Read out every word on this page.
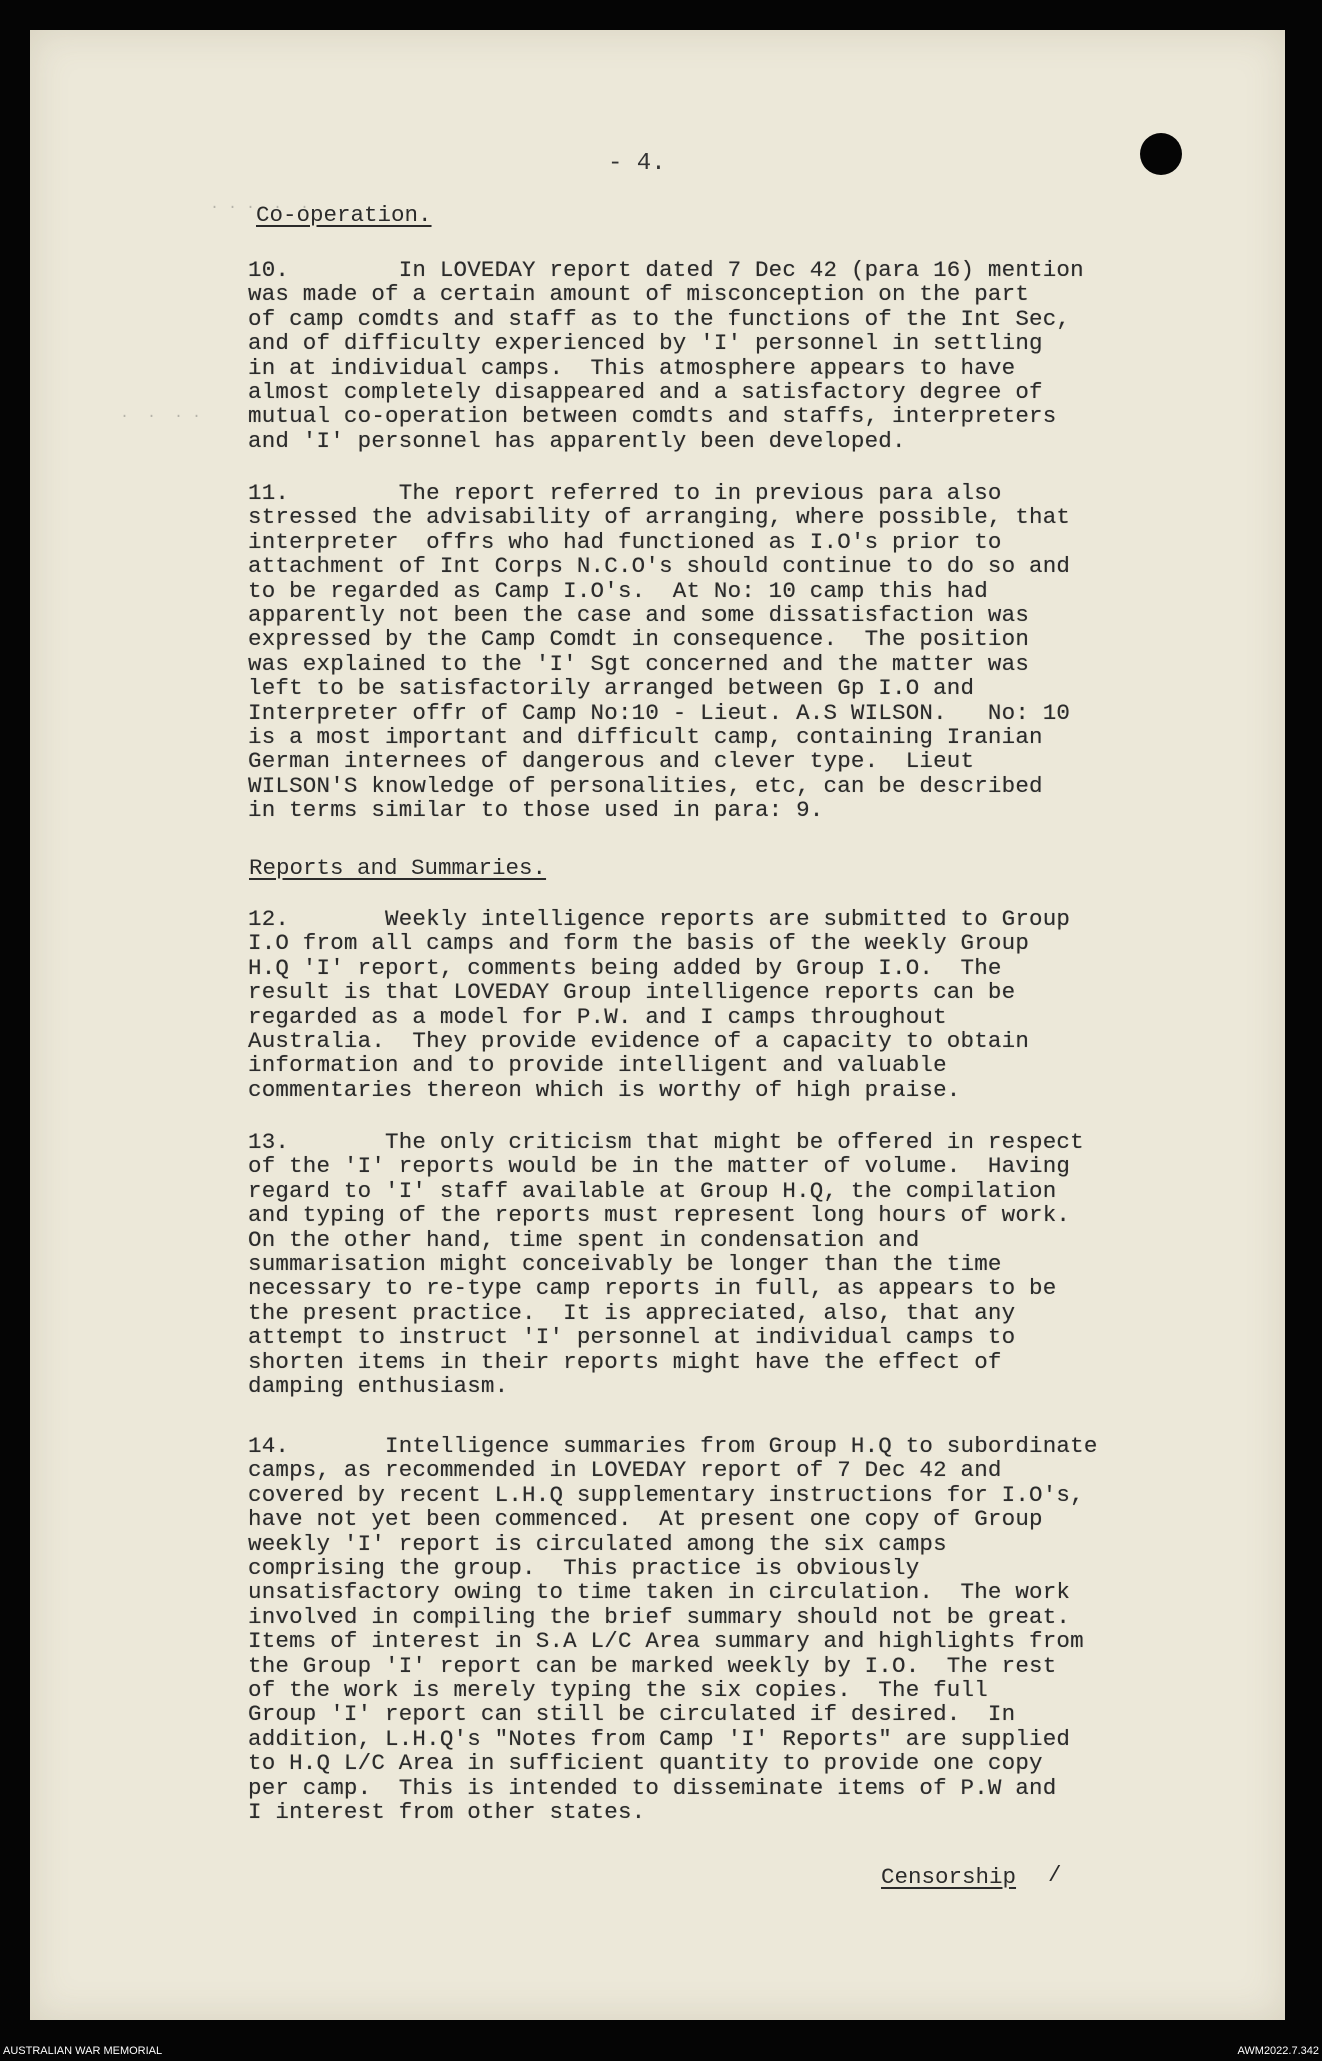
. . .  .  .
.  .  . .
- 4.
Co-operation.
10.        In LOVEDAY report dated 7 Dec 42 (para 16) mention
was made of a certain amount of misconception on the part
of camp comdts and staff as to the functions of the Int Sec,
and of difficulty experienced by 'I' personnel in settling
in at individual camps.  This atmosphere appears to have
almost completely disappeared and a satisfactory degree of
mutual co-operation between comdts and staffs, interpreters
and 'I' personnel has apparently been developed.
11.        The report referred to in previous para also
stressed the advisability of arranging, where possible, that
interpreter  offrs who had functioned as I.O's prior to
attachment of Int Corps N.C.O's should continue to do so and
to be regarded as Camp I.O's.  At No: 10 camp this had
apparently not been the case and some dissatisfaction was
expressed by the Camp Comdt in consequence.  The position
was explained to the 'I' Sgt concerned and the matter was
left to be satisfactorily arranged between Gp I.O and
Interpreter offr of Camp No:10 - Lieut. A.S WILSON.   No: 10
is a most important and difficult camp, containing Iranian
German internees of dangerous and clever type.  Lieut
WILSON'S knowledge of personalities, etc, can be described
in terms similar to those used in para: 9.
Reports and Summaries.
12.       Weekly intelligence reports are submitted to Group
I.O from all camps and form the basis of the weekly Group
H.Q 'I' report, comments being added by Group I.O.  The
result is that LOVEDAY Group intelligence reports can be
regarded as a model for P.W. and I camps throughout
Australia.  They provide evidence of a capacity to obtain
information and to provide intelligent and valuable
commentaries thereon which is worthy of high praise.
13.       The only criticism that might be offered in respect
of the 'I' reports would be in the matter of volume.  Having
regard to 'I' staff available at Group H.Q, the compilation
and typing of the reports must represent long hours of work.
On the other hand, time spent in condensation and
summarisation might conceivably be longer than the time
necessary to re-type camp reports in full, as appears to be
the present practice.  It is appreciated, also, that any
attempt to instruct 'I' personnel at individual camps to
shorten items in their reports might have the effect of
damping enthusiasm.
14.       Intelligence summaries from Group H.Q to subordinate
camps, as recommended in LOVEDAY report of 7 Dec 42 and
covered by recent L.H.Q supplementary instructions for I.O's,
have not yet been commenced.  At present one copy of Group
weekly 'I' report is circulated among the six camps
comprising the group.  This practice is obviously
unsatisfactory owing to time taken in circulation.  The work
involved in compiling the brief summary should not be great.
Items of interest in S.A L/C Area summary and highlights from
the Group 'I' report can be marked weekly by I.O.  The rest
of the work is merely typing the six copies.  The full
Group 'I' report can still be circulated if desired.  In
addition, L.H.Q's "Notes from Camp 'I' Reports" are supplied
to H.Q L/C Area in sufficient quantity to provide one copy
per camp.  This is intended to disseminate items of P.W and
I interest from other states.
Censorship /
AUSTRALIAN WAR MEMORIAL	AWM2022.7.342
